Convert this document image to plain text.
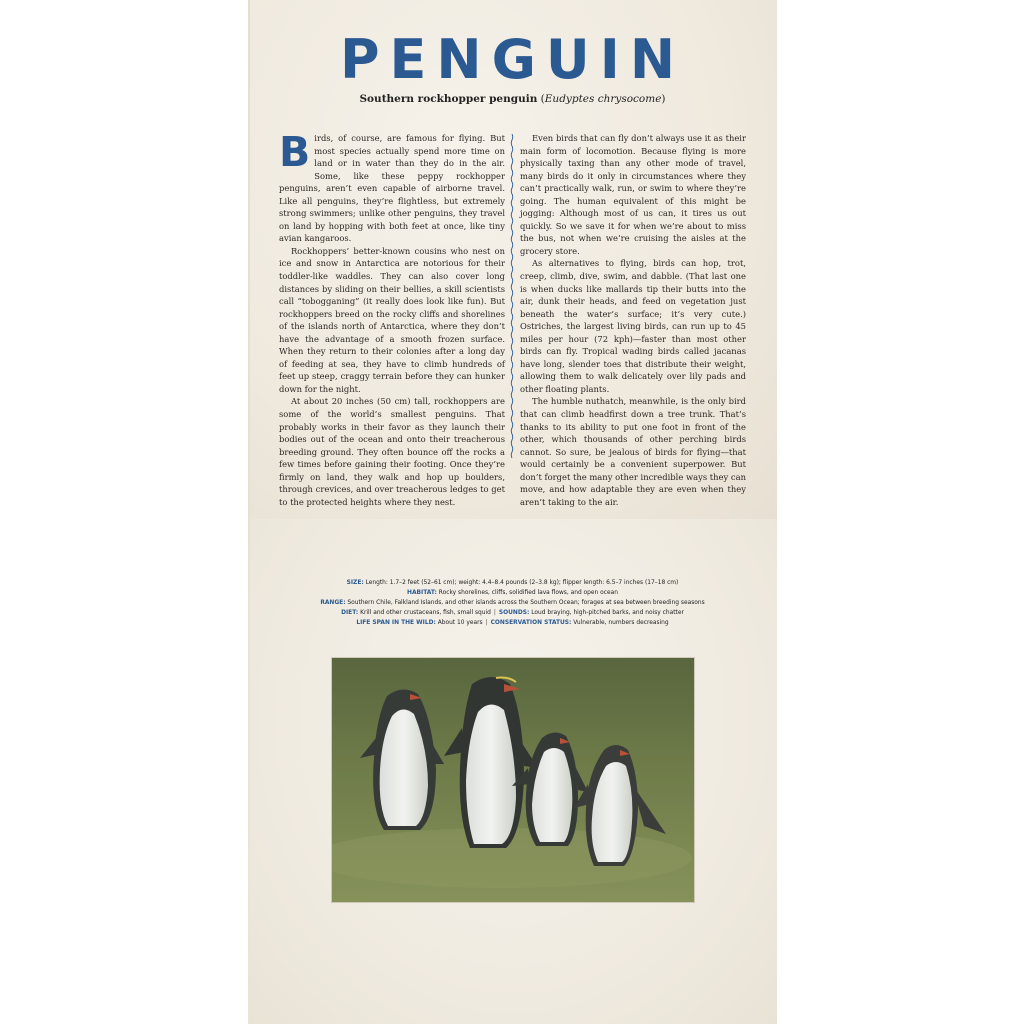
PENGUIN
Southern rockhopper penguin (Eudyptes chrysocome)

Birds, of course, are famous for flying. But most species actually spend more time on land or in water than they do in the air. Some, like these peppy rockhopper penguins, aren’t even capable of airborne travel. Like all penguins, they’re flightless, but extremely strong swimmers; unlike other penguins, they travel on land by hopping with both feet at once, like tiny avian kangaroos.

Rockhoppers’ better-known cousins who nest on ice and snow in Antarctica are notorious for their toddler-like waddles. They can also cover long distances by sliding on their bellies, a skill scientists call “tobogganing” (it really does look like fun). But rockhoppers breed on the rocky cliffs and shorelines of the islands north of Antarctica, where they don’t have the advantage of a smooth frozen surface. When they return to their colonies after a long day of feeding at sea, they have to climb hundreds of feet up steep, craggy terrain before they can hunker down for the night.

At about 20 inches (50 cm) tall, rockhoppers are some of the world’s smallest penguins. That probably works in their favor as they launch their bodies out of the ocean and onto their treacherous breeding ground. They often bounce off the rocks a few times before gaining their footing. Once they’re firmly on land, they walk and hop up boulders, through crevices, and over treacherous ledges to get to the protected heights where they nest.

Even birds that can fly don’t always use it as their main form of locomotion. Because flying is more physically taxing than any other mode of travel, many birds do it only in circumstances where they can’t practically walk, run, or swim to where they’re going. The human equivalent of this might be jogging: Although most of us can, it tires us out quickly. So we save it for when we’re about to miss the bus, not when we’re cruising the aisles at the grocery store.

As alternatives to flying, birds can hop, trot, creep, climb, dive, swim, and dabble. (That last one is when ducks like mallards tip their butts into the air, dunk their heads, and feed on vegetation just beneath the water’s surface; it’s very cute.) Ostriches, the largest living birds, can run up to 45 miles per hour (72 kph)—faster than most other birds can fly. Tropical wading birds called jacanas have long, slender toes that distribute their weight, allowing them to walk delicately over lily pads and other floating plants.

The humble nuthatch, meanwhile, is the only bird that can climb headfirst down a tree trunk. That’s thanks to its ability to put one foot in front of the other, which thousands of other perching birds cannot. So sure, be jealous of birds for flying—that would certainly be a convenient superpower. But don’t forget the many other incredible ways they can move, and how adaptable they are even when they aren’t taking to the air.

SIZE: Length: 1.7–2 feet (52–61 cm); weight: 4.4–8.4 pounds (2–3.8 kg); flipper length: 6.5–7 inches (17–18 cm)
HABITAT: Rocky shorelines, cliffs, solidified lava flows, and open ocean
RANGE: Southern Chile, Falkland Islands, and other islands across the Southern Ocean; forages at sea between breeding seasons
DIET: Krill and other crustaceans, fish, small squid | SOUNDS: Loud braying, high-pitched barks, and noisy chatter
LIFE SPAN IN THE WILD: About 10 years | CONSERVATION STATUS: Vulnerable, numbers decreasing
